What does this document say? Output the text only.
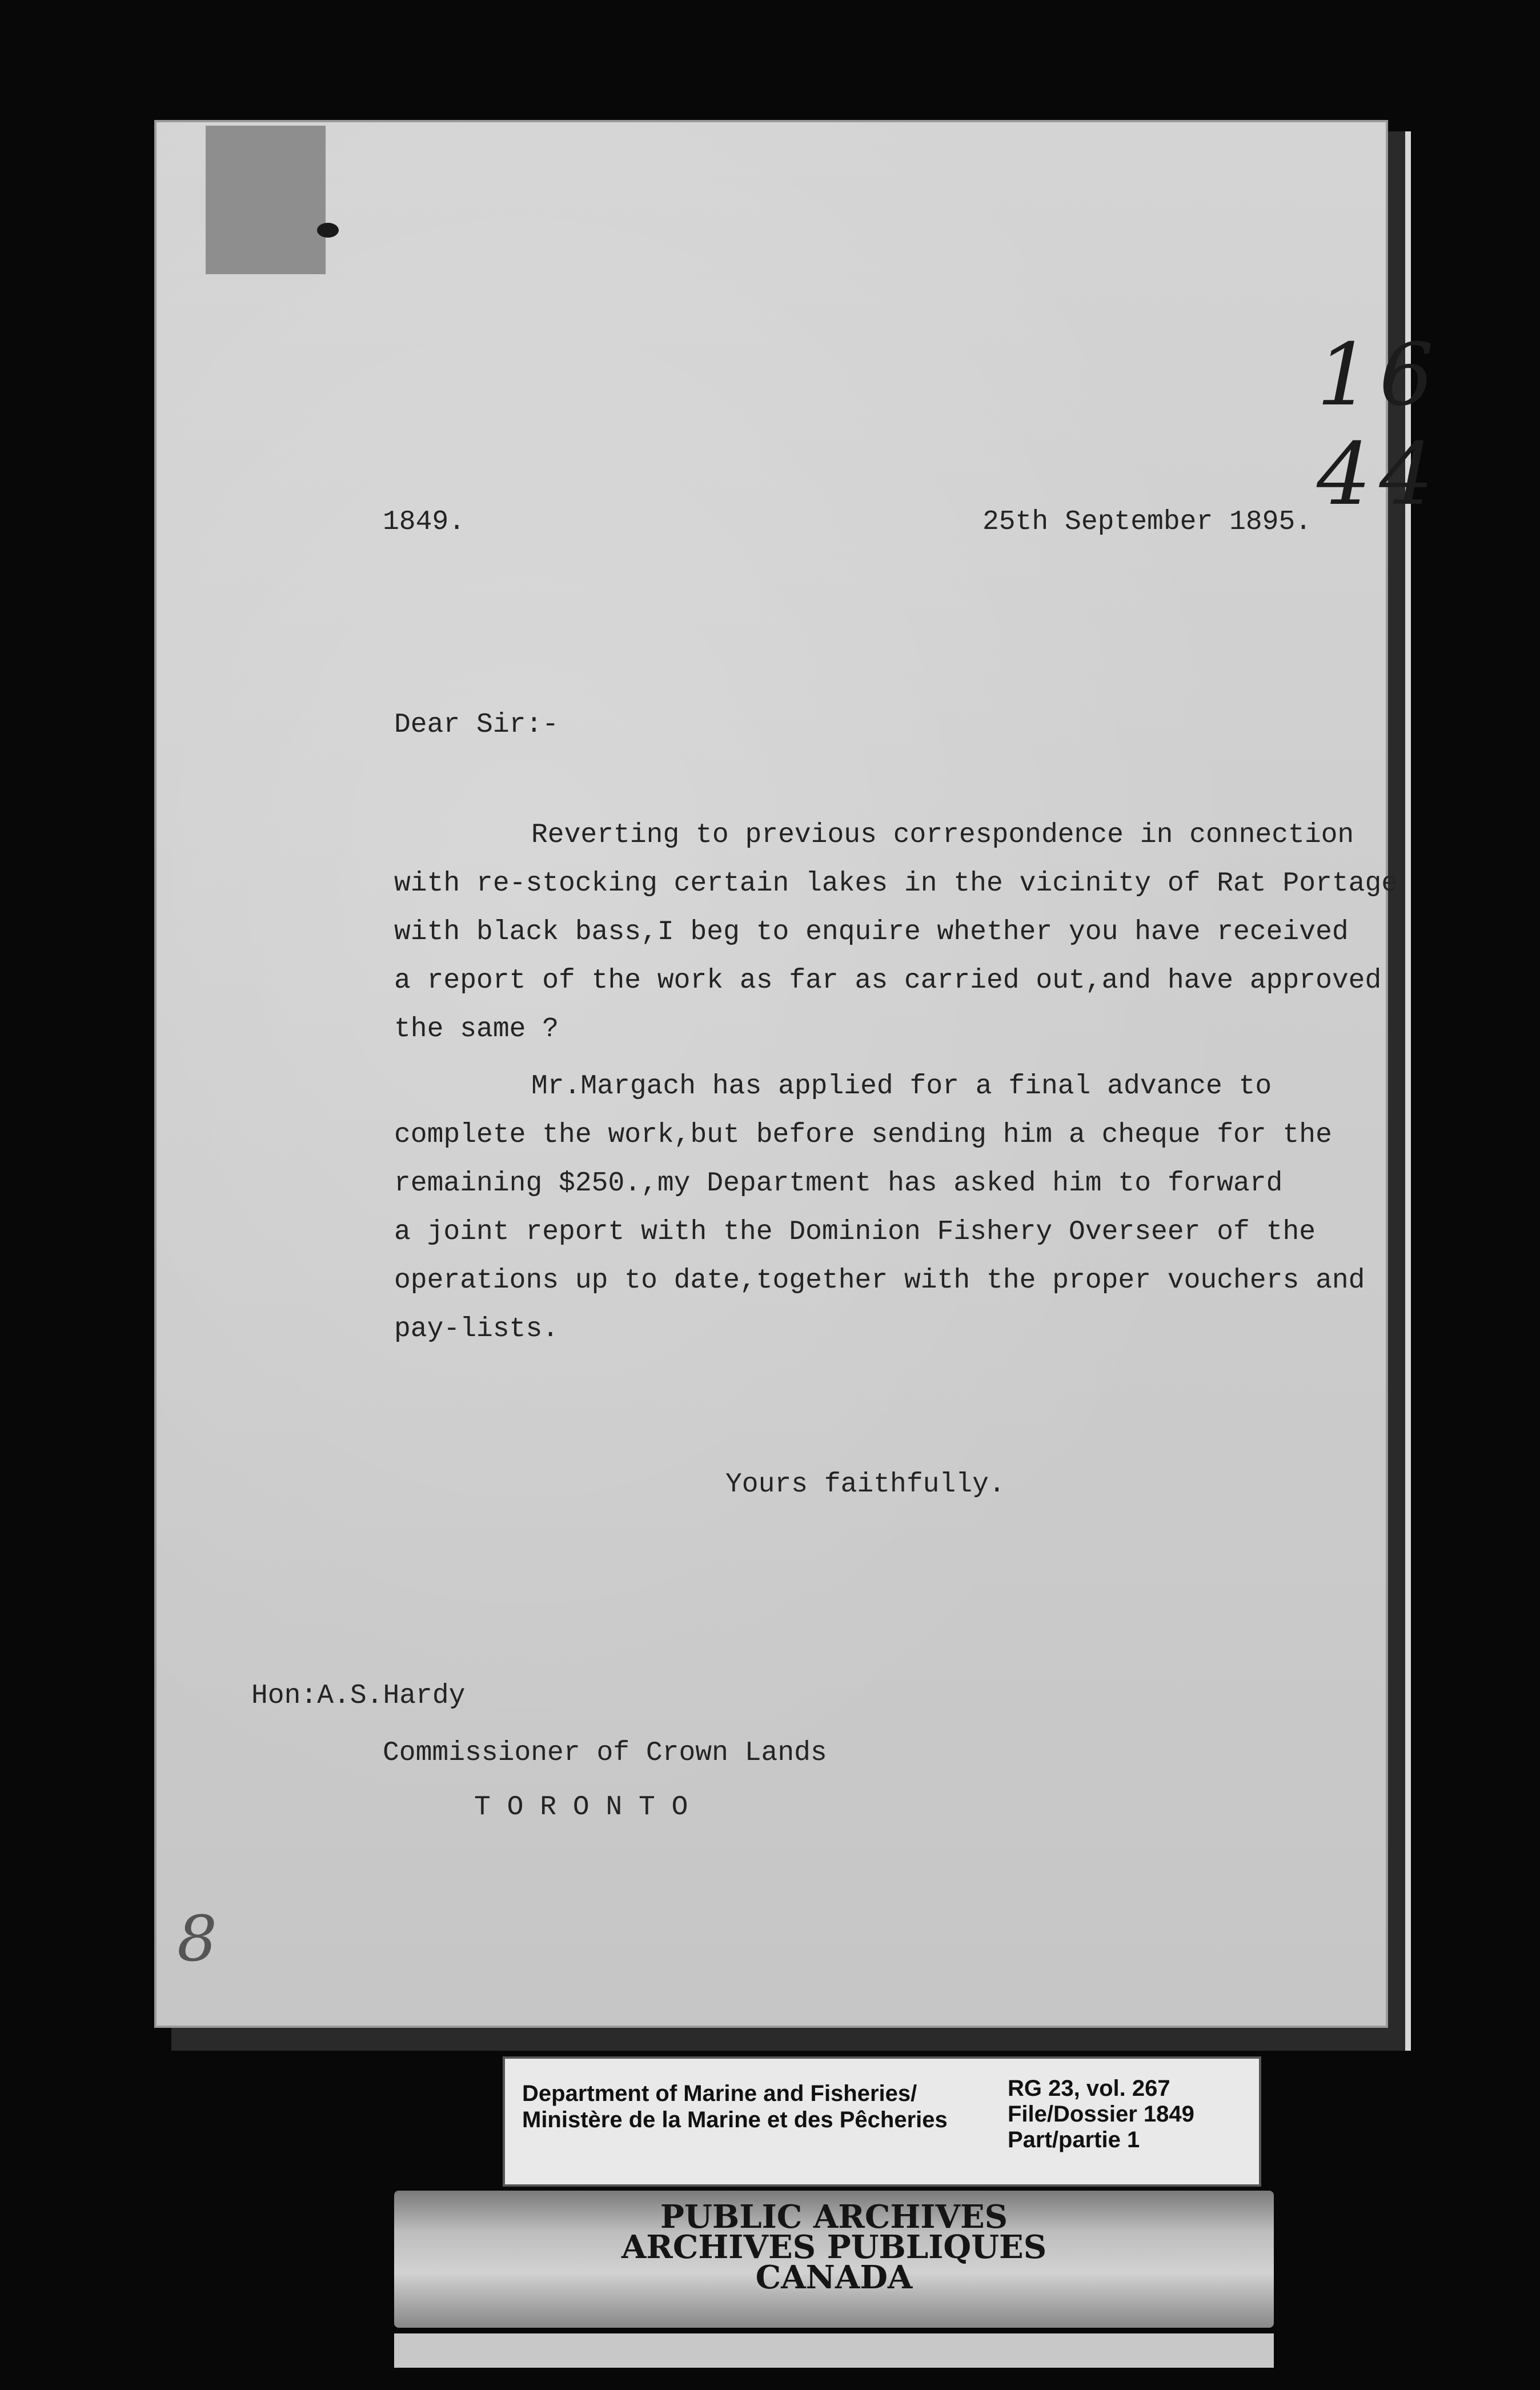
16 44
1849.	25th September 1895.
Dear Sir:-
Reverting to previous correspondence in connection
with re-stocking certain lakes in the vicinity of Rat Portage
with black bass,I beg to enquire whether you have received
a report of the work as far as carried out,and have approved
the same ?
Mr.Margach has applied for a final advance to
complete the work,but before sending him a cheque for the
remaining $250.,my Department has asked him to forward
a joint report with the Dominion Fishery Overseer of the
operations up to date,together with the proper vouchers and
pay-lists.
Yours faithfully.
Hon:A.S.Hardy
Commissioner of Crown Lands
T O R O N T O
8
Department of Marine and Fisheries/
Ministère de la Marine et des Pêcheries
RG 23, vol. 267
File/Dossier 1849
Part/partie 1
PUBLIC ARCHIVES
ARCHIVES PUBLIQUES
CANADA
